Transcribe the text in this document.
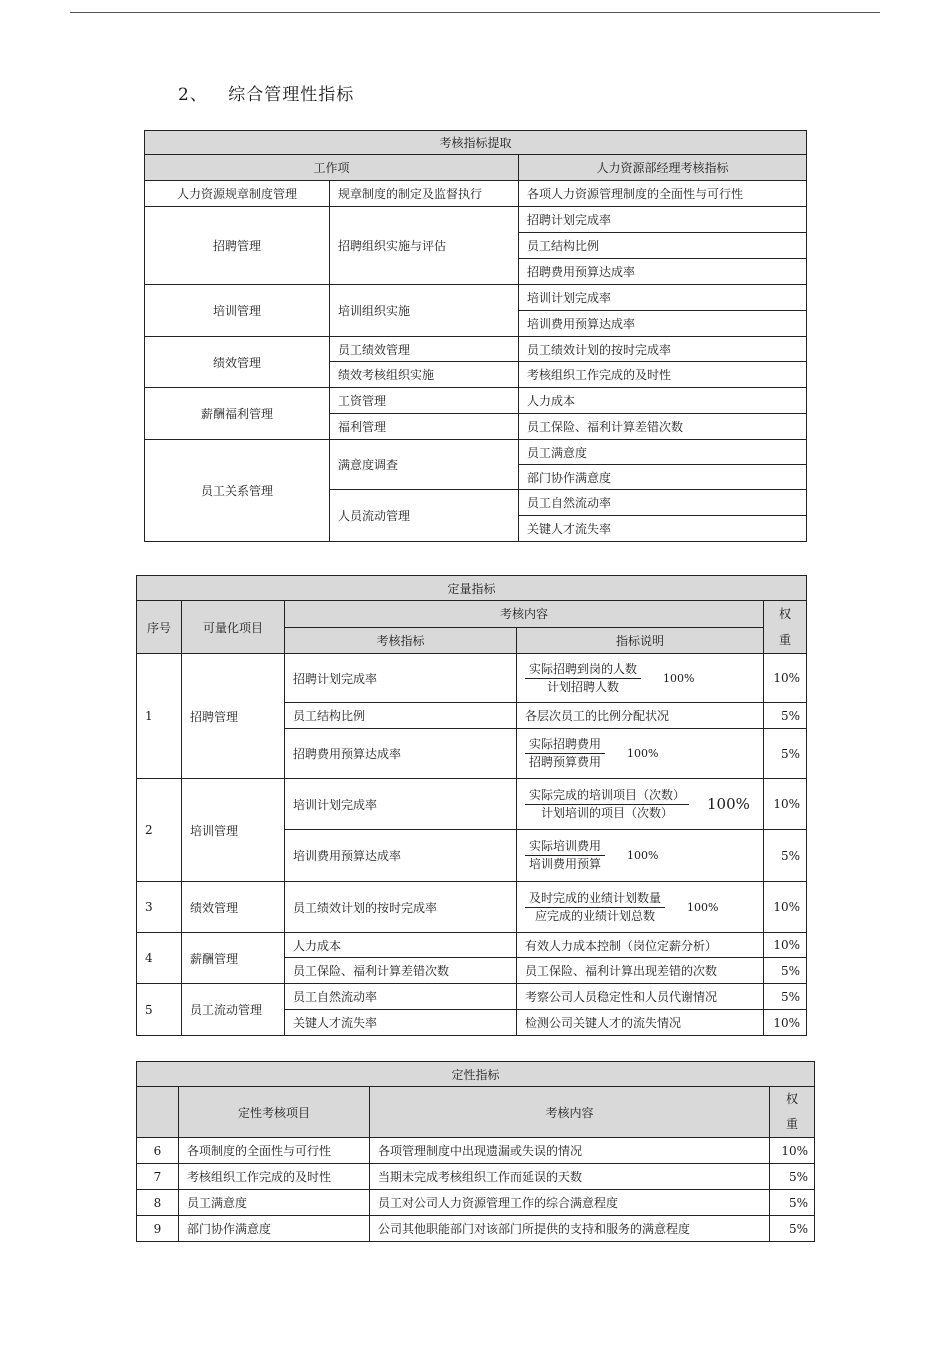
2、 综合管理性指标
考核指标提取		
工作项		人力资源部经理考核指标
人力资源规章制度管理	规章制度的制定及监督执行	各项人力资源管理制度的全面性与可行性
招聘管理	招聘组织实施与评估	招聘计划完成率
		员工结构比例
		招聘费用预算达成率
培训管理	培训组织实施	培训计划完成率
		培训费用预算达成率
绩效管理	员工绩效管理	员工绩效计划的按时完成率
	绩效考核组织实施	考核组织工作完成的及时性
薪酬福利管理	工资管理	人力成本
	福利管理	员工保险、福利计算差错次数
员工关系管理	满意度调查	员工满意度
		部门协作满意度
	人员流动管理	员工自然流动率
		关键人才流失率
定量指标				
序号	可量化项目	考核内容		权
重

		考核指标	指标说明	
1	招聘管理	招聘计划完成率	$\frac{\text{实际招聘到岗的人数}}{\text{计划招聘人数}} 100\%$	10%
		员工结构比例	各层次员工的比例分配状况	5%
		招聘费用预算达成率	$\frac{\text{实际招聘费用}}{\text{招聘预算费用}} 100\%$	5%
2	培训管理	培训计划完成率	$\frac{\text{实际完成的培训项目（次数）}}{\text{计划培训的项目（次数）}} 100\%$	10%
		培训费用预算达成率	$\frac{\text{实际培训费用}}{\text{培训费用预算}} 100\%$	5%
3	绩效管理	员工绩效计划的按时完成率	$\frac{\text{及时完成的业绩计划数量}}{\text{应完成的业绩计划总数}} 100\%$	10%
4	薪酬管理	人力成本	有效人力成本控制（岗位定薪分析）	10%
		员工保险、福利计算差错次数	员工保险、福利计算出现差错的次数	5%
5	员工流动管理	员工自然流动率	考察公司人员稳定性和人员代谢情况	5%
		关键人才流失率	检测公司关键人才的流失情况	10%
定性指标			
	定性考核项目	考核内容	权
重

6	各项制度的全面性与可行性	各项管理制度中出现遗漏或失误的情况	10%
7	考核组织工作完成的及时性	当期未完成考核组织工作而延误的天数	5%
8	员工满意度	员工对公司人力资源管理工作的综合满意程度	5%
9	部门协作满意度	公司其他职能部门对该部门所提供的支持和服务的满意程度	5%
